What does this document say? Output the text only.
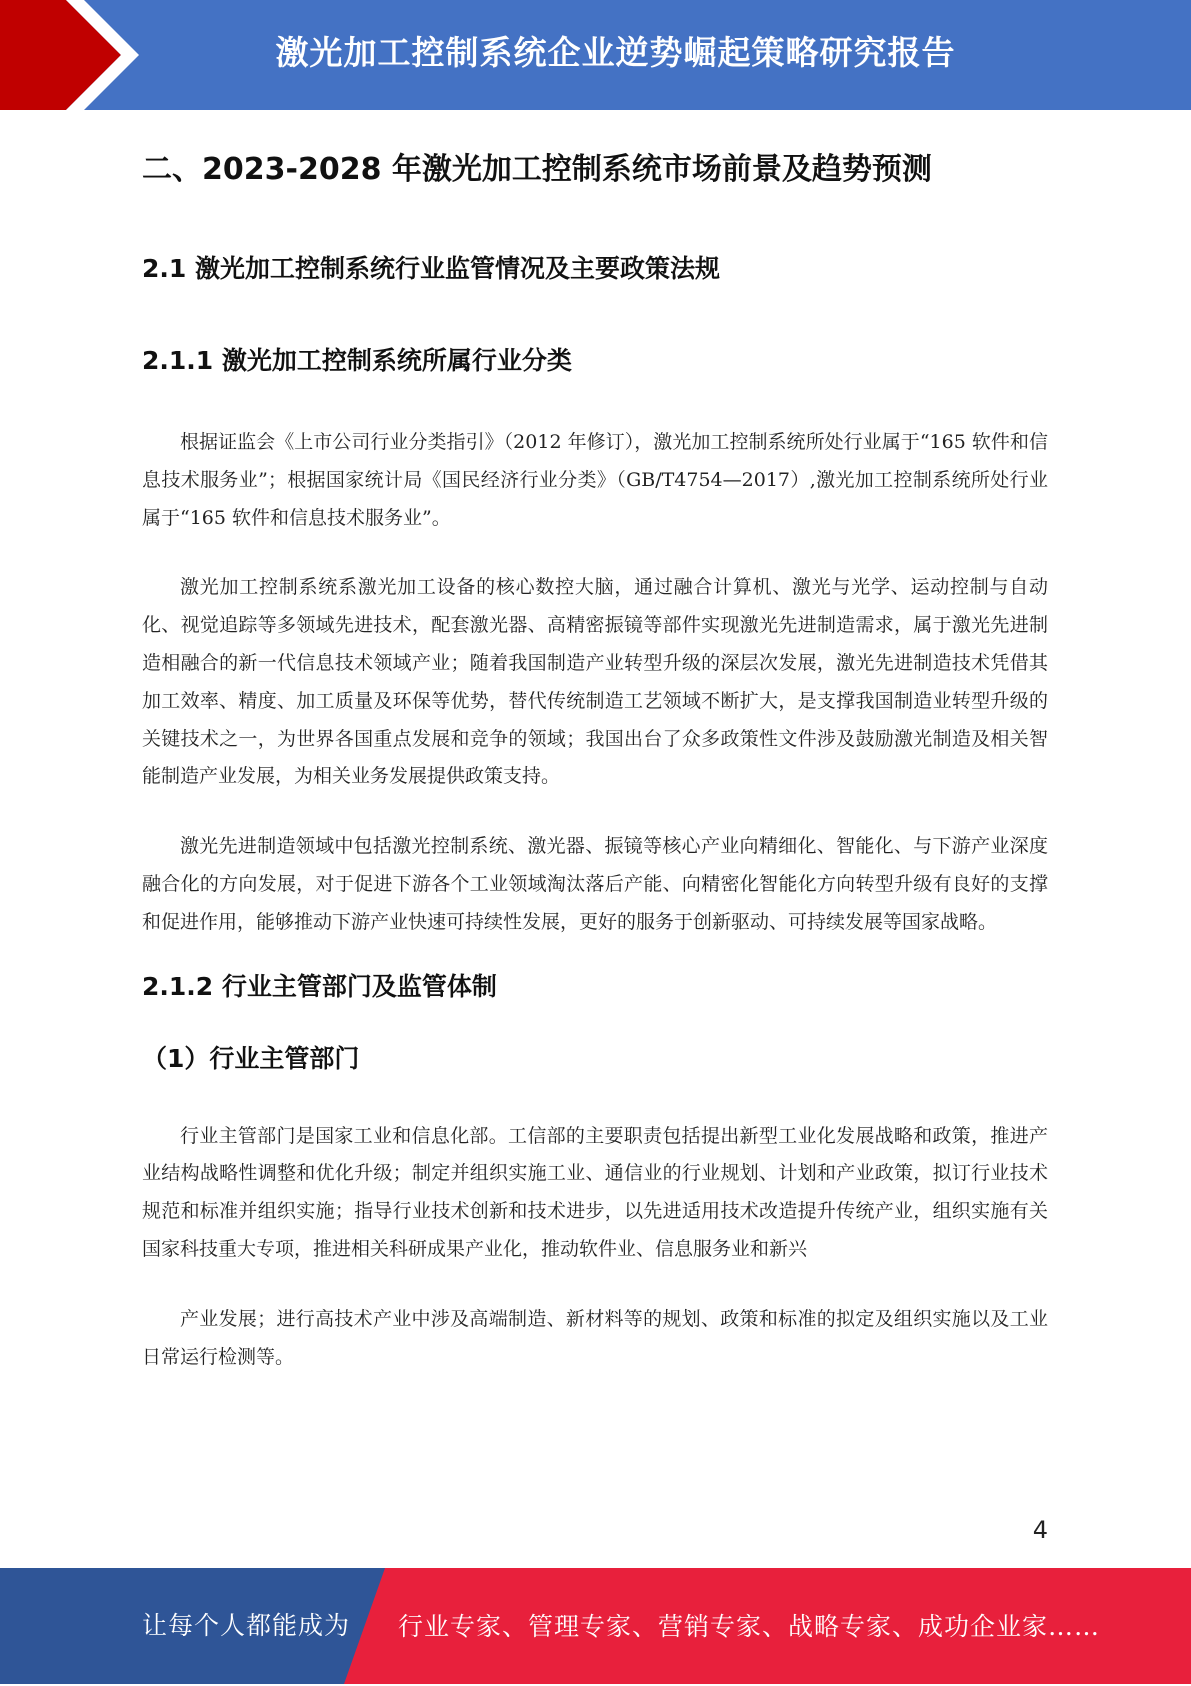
激光加工控制系统企业逆势崛起策略研究报告
二、2023-2028 年激光加工控制系统市场前景及趋势预测
2.1 激光加工控制系统行业监管情况及主要政策法规
2.1.1 激光加工控制系统所属行业分类

根据证监会《上市公司行业分类指引》（2012 年修订），激光加工控制系统所处行业属于“165 软件和信息技术服务业”；根据国家统计局《国民经济行业分类》（GB/T4754—2017）,激光加工控制系统所处行业属于“165 软件和信息技术服务业”。

激光加工控制系统系激光加工设备的核心数控大脑，通过融合计算机、激光与光学、运动控制与自动化、视觉追踪等多领域先进技术，配套激光器、高精密振镜等部件实现激光先进制造需求，属于激光先进制造相融合的新一代信息技术领域产业；随着我国制造产业转型升级的深层次发展，激光先进制造技术凭借其加工效率、精度、加工质量及环保等优势，替代传统制造工艺领域不断扩大，是支撑我国制造业转型升级的关键技术之一，为世界各国重点发展和竞争的领域；我国出台了众多政策性文件涉及鼓励激光制造及相关智能制造产业发展，为相关业务发展提供政策支持。

激光先进制造领域中包括激光控制系统、激光器、振镜等核心产业向精细化、智能化、与下游产业深度融合化的方向发展，对于促进下游各个工业领域淘汰落后产能、向精密化智能化方向转型升级有良好的支撑和促进作用，能够推动下游产业快速可持续性发展，更好的服务于创新驱动、可持续发展等国家战略。

2.1.2 行业主管部门及监管体制
（1）行业主管部门

行业主管部门是国家工业和信息化部。工信部的主要职责包括提出新型工业化发展战略和政策，推进产业结构战略性调整和优化升级；制定并组织实施工业、通信业的行业规划、计划和产业政策，拟订行业技术规范和标准并组织实施；指导行业技术创新和技术进步，以先进适用技术改造提升传统产业，组织实施有关国家科技重大专项，推进相关科研成果产业化，推动软件业、信息服务业和新兴

产业发展；进行高技术产业中涉及高端制造、新材料等的规划、政策和标准的拟定及组织实施以及工业日常运行检测等。

4
让每个人都能成为 行业专家、管理专家、营销专家、战略专家、成功企业家……
